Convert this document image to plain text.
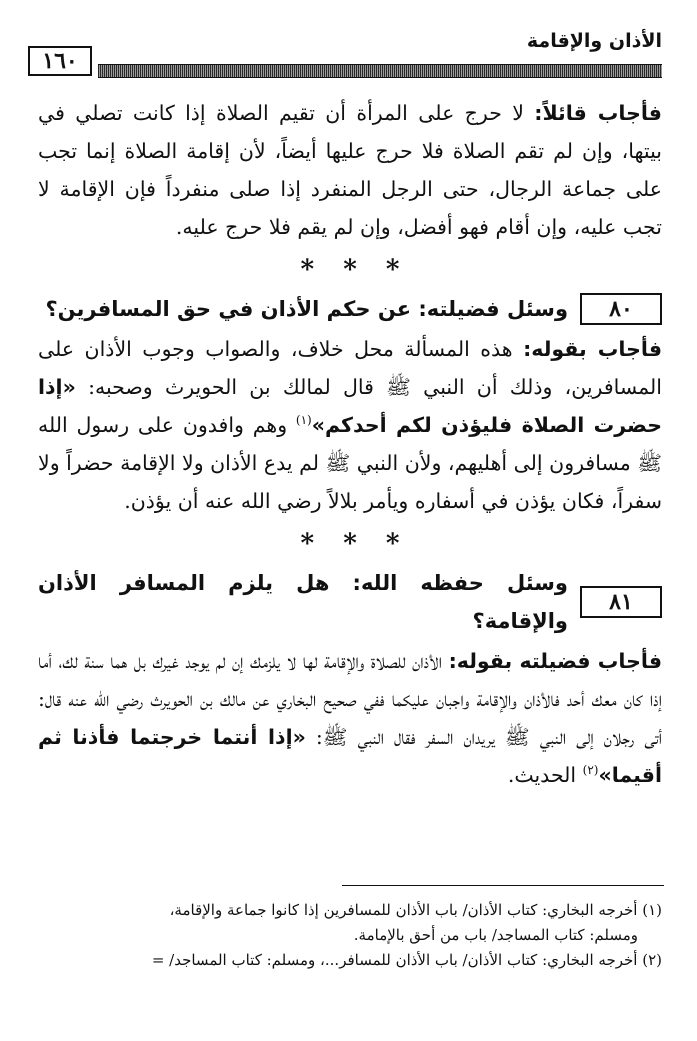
١٦٠
الأذان والإقامة

فأجاب قائلاً: لا حرج على المرأة أن تقيم الصلاة إذا كانت تصلي في بيتها، وإن لم تقم الصلاة فلا حرج عليها أيضاً، لأن إقامة الصلاة إنما تجب على جماعة الرجال، حتى الرجل المنفرد إذا صلى منفرداً فإن الإقامة لا تجب عليه، وإن أقام فهو أفضل، وإن لم يقم فلا حرج عليه.

* * *
٨٠
وسئل فضيلته: عن حكم الأذان في حق المسافرين؟

فأجاب بقوله: هذه المسألة محل خلاف، والصواب وجوب الأذان على المسافرين، وذلك أن النبي ﷺ قال لمالك بن الحويرث وصحبه: «إذا حضرت الصلاة فليؤذن لكم أحدكم»$^{(١)}$ وهم وافدون على رسول الله ﷺ مسافرون إلى أهليهم، ولأن النبي ﷺ لم يدع الأذان ولا الإقامة حضراً ولا سفراً، فكان يؤذن في أسفاره ويأمر بلالاً رضي الله عنه أن يؤذن.

* * *
٨١
وسئل حفظه الله: هل يلزم المسافر الأذان والإقامة؟

فأجاب فضيلته بقوله: الأذان للصلاة والإقامة لها لا يلزمك إن لم يوجد غيرك بل هما سنة لك، أما إذا كان معك أحد فالأذان والإقامة واجبان عليكما ففي صحيح البخاري عن مالك بن الحويرث رضي الله عنه قال: أتى رجلان إلى النبي ﷺ يريدان السفر فقال النبي ﷺ: «إذا أنتما خرجتما فأذنا ثم أقيما»$^{(٢)}$ الحديث.

(١) أخرجه البخاري: كتاب الأذان/ باب الأذان للمسافرين إذا كانوا جماعة والإقامة،

ومسلم: كتاب المساجد/ باب من أحق بالإمامة.

(٢) أخرجه البخاري: كتاب الأذان/ باب الأذان للمسافر...، ومسلم: كتاب المساجد/ =
